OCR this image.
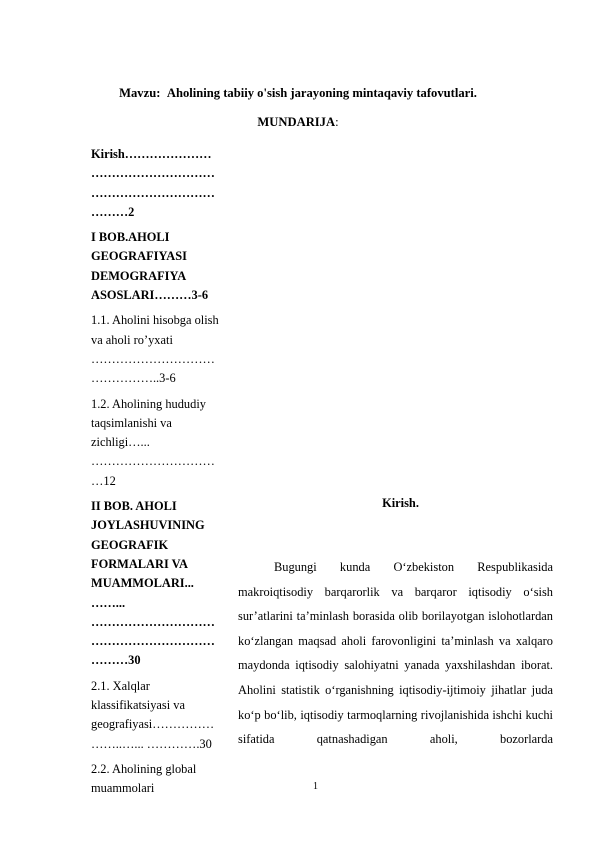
Mavzu: Aholining tabiiy o'sish jarayoning mintaqaviy tafovutlari.
MUNDARIJA:
Kirish………………………………………………………………………………2
I BOB.AHOLI GEOGRAFIYASI DEMOGRAFIYA ASOSLARI………3-6
1.1. Aholini hisobga olish va aholi ro’yxati ………………………………………..3-6
1.2. Aholining hududiy taqsimlanishi va zichligi…... ……………………………12
II BOB. AHOLI JOYLASHUVINING GEOGRAFIK FORMALARI VA MUAMMOLARI... ……... ……………………………………………………………30
2.1. Xalqlar klassifikatsiyasi va geografiyasi…………………..…... ………….30
2.2. Aholining global muammolari
Kirish.
Bugungi kunda O‘zbekiston Respublikasida makroiqtisodiy barqarorlik va barqaror iqtisodiy o‘sish sur’atlarini ta’minlash borasida olib borilayotgan islohotlardan ko‘zlangan maqsad aholi farovonligini ta’minlash va xalqaro maydonda iqtisodiy salohiyatni yanada yaxshilashdan iborat. Aholini statistik o‘rganishning iqtisodiy-ijtimoiy jihatlar juda ko‘p bo‘lib, iqtisodiy tarmoqlarning rivojlanishida ishchi kuchi sifatida qatnashadigan aholi, bozorlarda
1
